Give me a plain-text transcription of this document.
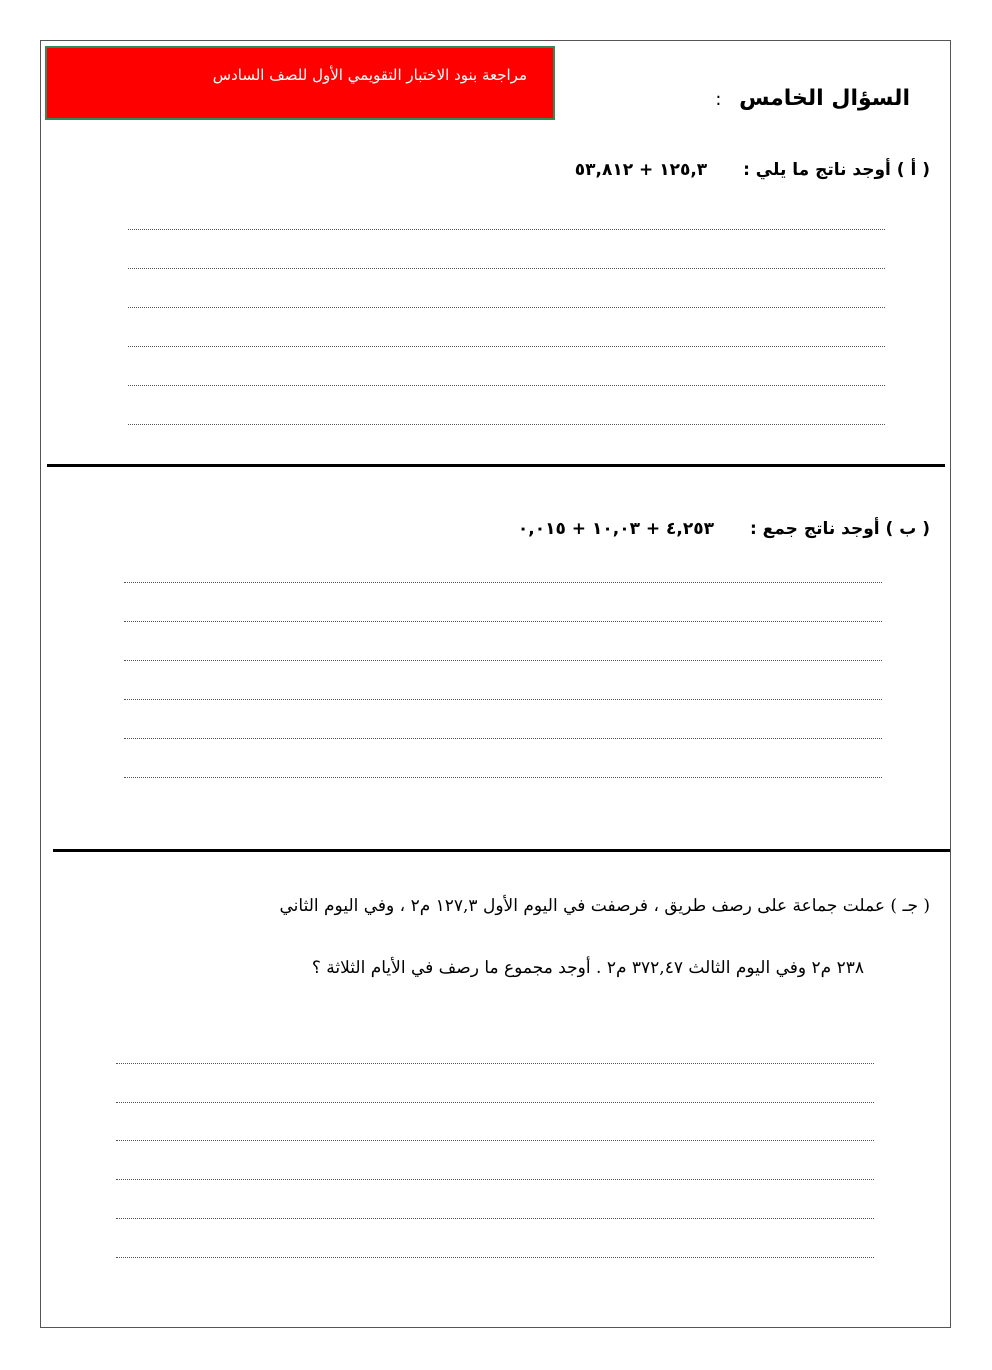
مراجعة بنود الاختبار التقويمي الأول للصف السادس
السؤال الخامس :
( أ ) أوجد ناتج ما يلي : ١٢٥,٣ + ٥٣,٨١٢
( ب ) أوجد ناتج جمع : ٤,٢٥٣ + ١٠,٠٣ + ٠,٠١٥
( جـ ) عملت جماعة على رصف طريق ، فرصفت في اليوم الأول ١٢٧,٣ م٢ ، وفي اليوم الثاني
٢٣٨ م٢ وفي اليوم الثالث ٣٧٢,٤٧ م٢ . أوجد مجموع ما رصف في الأيام الثلاثة ؟
